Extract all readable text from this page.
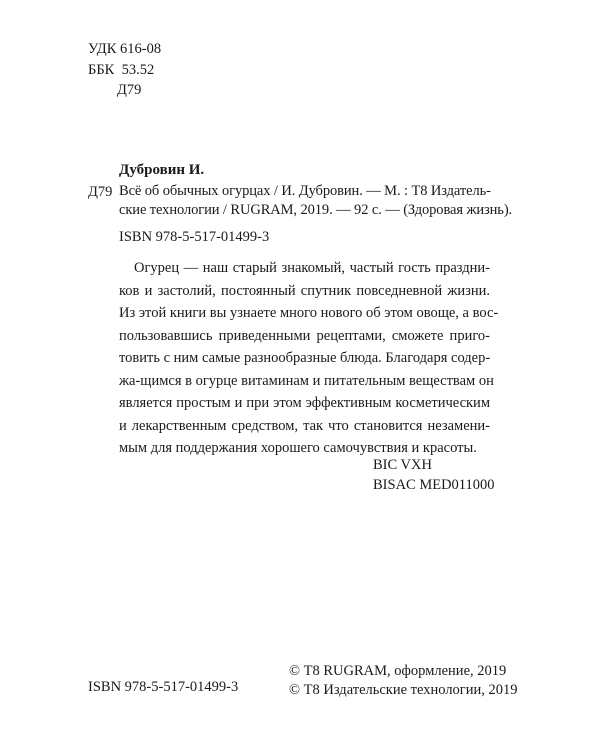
УДК 616-08
ББК 53.52
Д79
Дубровин И.
Д79 Всё об обычных огурцах / И. Дубровин. — М. : Т8 Издатель-
ские технологии / RUGRAM, 2019. — 92 с. — (Здоровая жизнь).
ISBN 978-5-517-01499-3
Огурец — наш старый знакомый, частый гость праздни-
ков и застолий, постоянный спутник повседневной жизни.
Из этой книги вы узнаете много нового об этом овоще, а вос-
пользовавшись приведенными рецептами, сможете приго-
товить с ним самые разнообразные блюда. Благодаря содер-
жа-щимся в огурце витаминам и питательным веществам он
является простым и при этом эффективным косметическим
и лекарственным средством, так что становится незамени-
мым для поддержания хорошего самочувствия и красоты.
BIC VXH
BISAC MED011000
ISBN 978-5-517-01499-3
© Т8 RUGRAM, оформление, 2019
© Т8 Издательские технологии, 2019
